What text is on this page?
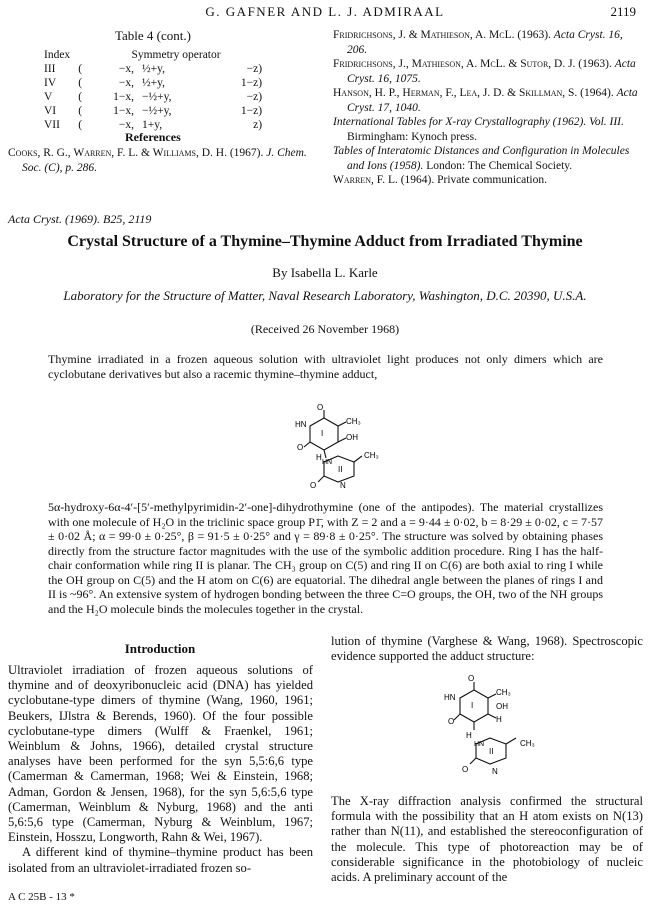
G. GAFNER AND L. J. ADMIRAAL	2119
Table 4 (cont.)
Index		Symmetry operator		
III	(	−x,	½+y,	−z)
IV	(	−x,	½+y,	1−z)
V	(	1−x,	−½+y,	−z)
VI	(	1−x,	−½+y,	1−z)
VII	(	−x,	1+y,	z)
References

Cooks, R. G., Warren, F. L. & Williams, D. H. (1967). J. Chem. Soc. (C), p. 286.

Fridrichsons, J. & Mathieson, A. McL. (1963). Acta Cryst. 16, 206.

Fridrichsons, J., Mathieson, A. McL. & Sutor, D. J. (1963). Acta Cryst. 16, 1075.

Hanson, H. P., Herman, F., Lea, J. D. & Skillman, S. (1964). Acta Cryst. 17, 1040.

International Tables for X-ray Crystallography (1962). Vol. III. Birmingham: Kynoch press.

Tables of Interatomic Distances and Configuration in Molecules and Ions (1958). London: The Chemical Society.

Warren, F. L. (1964). Private communication.

Acta Cryst. (1969). B25, 2119
Crystal Structure of a Thymine–Thymine Adduct from Irradiated Thymine
By Isabella L. Karle
Laboratory for the Structure of Matter, Naval Research Laboratory, Washington, D.C. 20390, U.S.A.
(Received 26 November 1968)
Thymine irradiated in a frozen aqueous solution with ultraviolet light produces not only dimers which are cyclobutane derivatives but also a racemic thymine–thymine adduct,
O
HN	CH₃
OH
I
O
H
HN
II
CH₃
O	N
5α-hydroxy-6α-4′-[5′-methylpyrimidin-2′-one]-dihydrothymine (one of the antipodes). The material crystallizes with one molecule of H₂O in the triclinic space group P1̄, with Z = 2 and a = 9·44 ± 0·02, b = 8·29 ± 0·02, c = 7·57 ± 0·02 Å; α = 99·0 ± 0·25°, β = 91·5 ± 0·25° and γ = 89·8 ± 0·25°. The structure was solved by obtaining phases directly from the structure factor magnitudes with the use of the symbolic addition procedure. Ring I has the half-chair conformation while ring II is planar. The CH₃ group on C(5) and ring II on C(6) are both axial to ring I while the OH group on C(5) and the H atom on C(6) are equatorial. The dihedral angle between the planes of rings I and II is ~96°. An extensive system of hydrogen bonding between the three C=O groups, the OH, two of the NH groups and the H₂O molecule binds the molecules together in the crystal.
Introduction

Ultraviolet irradiation of frozen aqueous solutions of thymine and of deoxyribonucleic acid (DNA) has yielded cyclobutane-type dimers of thymine (Wang, 1960, 1961; Beukers, IJlstra & Berends, 1960). Of the four possible cyclobutane-type dimers (Wulff & Fraenkel, 1961; Weinblum & Johns, 1966), detailed crystal structure analyses have been performed for the syn 5,5:6,6 type (Camerman & Camerman, 1968; Wei & Einstein, 1968; Adman, Gordon & Jensen, 1968), for the syn 5,6:5,6 type (Camerman, Weinblum & Nyburg, 1968) and the anti 5,6:5,6 type (Camerman, Nyburg & Weinblum, 1967; Einstein, Hosszu, Longworth, Rahn & Wei, 1967).

A different kind of thymine–thymine product has been isolated from an ultraviolet-irradiated frozen so-

lution of thymine (Varghese & Wang, 1968). Spectroscopic evidence supported the adduct structure:
O
HN
CH₃
OH
H
I
O
H
HN
II
CH₃
O	N
The X-ray diffraction analysis confirmed the structural formula with the possibility that an H atom exists on N(13) rather than N(11), and established the stereoconfiguration of the molecule. This type of photoreaction may be of considerable significance in the photobiology of nucleic acids. A preliminary account of the
A C 25B - 13 *
